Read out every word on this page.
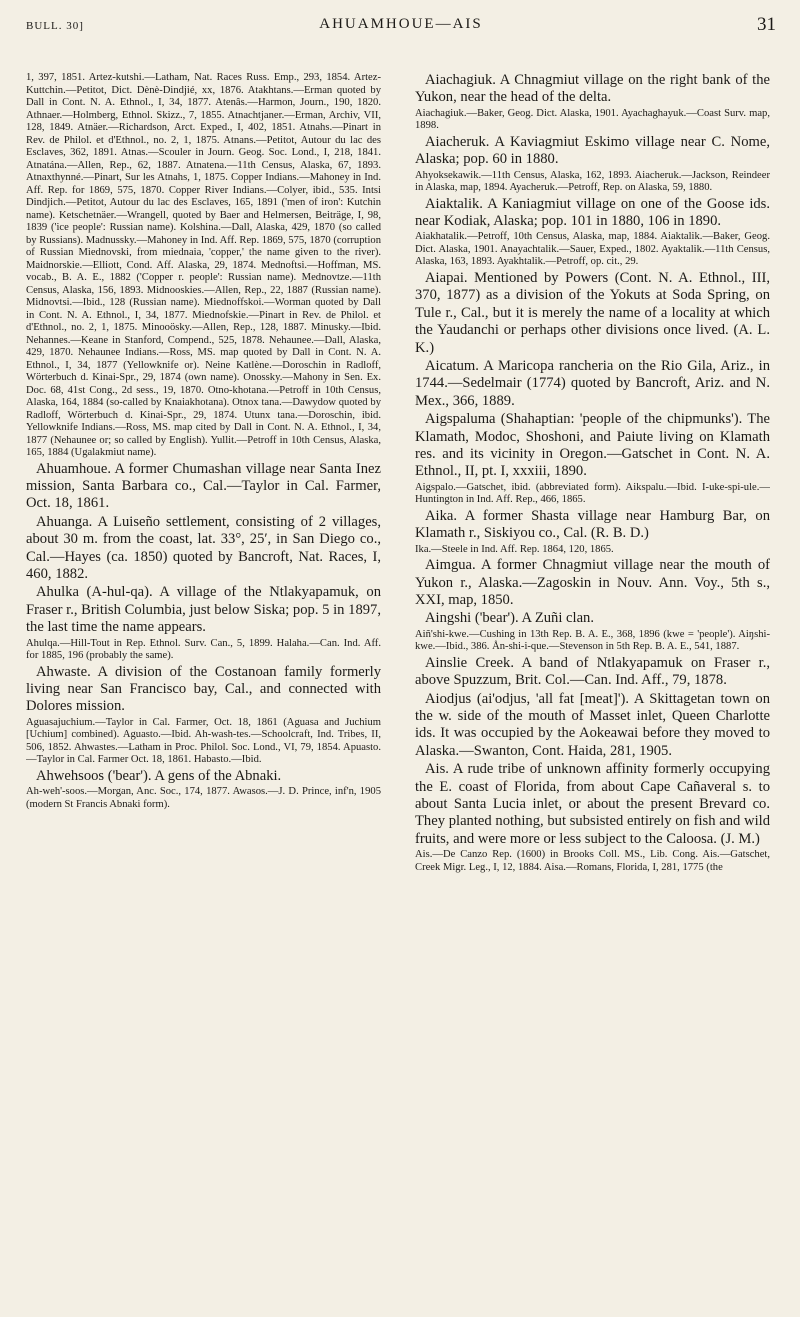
BULL. 30]	AHUAMHOUE—AIS	31

1, 397, 1851. Artez-kutshi.—Latham, Nat. Races Russ. Emp., 293, 1854. Artez-Kuttchin.—Petitot, Dict. Dènè-Dindjié, xx, 1876. Atakhtans.—Erman quoted by Dall in Cont. N. A. Ethnol., I, 34, 1877. Atenâs.—Harmon, Journ., 190, 1820. Athnaer.—Holmberg, Ethnol. Skizz., 7, 1855. Atnachtjaner.—Erman, Archiv, VII, 128, 1849. Atnäer.—Richardson, Arct. Exped., I, 402, 1851. Atnahs.—Pinart in Rev. de Philol. et d'Ethnol., no. 2, 1, 1875. Atnans.—Petitot, Autour du lac des Esclaves, 362, 1891. Atnas.—Scouler in Journ. Geog. Soc. Lond., I, 218, 1841. Atnatána.—Allen, Rep., 62, 1887. Atnatena.—11th Census, Alaska, 67, 1893. Atnaxthynné.—Pinart, Sur les Atnahs, 1, 1875. Copper Indians.—Mahoney in Ind. Aff. Rep. for 1869, 575, 1870. Copper River Indians.—Colyer, ibid., 535. Intsi Dindjich.—Petitot, Autour du lac des Esclaves, 165, 1891 ('men of iron': Kutchin name). Ketschetnäer.—Wrangell, quoted by Baer and Helmersen, Beiträge, I, 98, 1839 ('ice people': Russian name). Kolshina.—Dall, Alaska, 429, 1870 (so called by Russians). Madnussky.—Mahoney in Ind. Aff. Rep. 1869, 575, 1870 (corruption of Russian Miednovski, from miednaia, 'copper,' the name given to the river). Maidnorskie.—Elliott, Cond. Aff. Alaska, 29, 1874. Mednoftsi.—Hoffman, MS. vocab., B. A. E., 1882 ('Copper r. people': Russian name). Mednovtze.—11th Census, Alaska, 156, 1893. Midnooskies.—Allen, Rep., 22, 1887 (Russian name). Midnovtsi.—Ibid., 128 (Russian name). Miednoffskoi.—Worman quoted by Dall in Cont. N. A. Ethnol., I, 34, 1877. Miednofskie.—Pinart in Rev. de Philol. et d'Ethnol., no. 2, 1, 1875. Minooösky.—Allen, Rep., 128, 1887. Minusky.—Ibid. Nehannes.—Keane in Stanford, Compend., 525, 1878. Nehaunee.—Dall, Alaska, 429, 1870. Nehaunee Indians.—Ross, MS. map quoted by Dall in Cont. N. A. Ethnol., I, 34, 1877 (Yellowknife or). Neine Katlène.—Doroschin in Radloff, Wörterbuch d. Kinai-Spr., 29, 1874 (own name). Onossky.—Mahony in Sen. Ex. Doc. 68, 41st Cong., 2d sess., 19, 1870. Otno-khotana.—Petroff in 10th Census, Alaska, 164, 1884 (so-called by Knaiakhotana). Otnox tana.—Dawydow quoted by Radloff, Wörterbuch d. Kinai-Spr., 29, 1874. Utunx tana.—Doroschin, ibid. Yellowknife Indians.—Ross, MS. map cited by Dall in Cont. N. A. Ethnol., I, 34, 1877 (Nehaunee or; so called by English). Yullit.—Petroff in 10th Census, Alaska, 165, 1884 (Ugalakmiut name).

Ahuamhoue. A former Chumashan village near Santa Inez mission, Santa Barbara co., Cal.—Taylor in Cal. Farmer, Oct. 18, 1861.

Ahuanga. A Luiseño settlement, consisting of 2 villages, about 30 m. from the coast, lat. 33°, 25′, in San Diego co., Cal.—Hayes (ca. 1850) quoted by Bancroft, Nat. Races, I, 460, 1882.

Ahulka (A-hul-qa). A village of the Ntlakyapamuk, on Fraser r., British Columbia, just below Siska; pop. 5 in 1897, the last time the name appears.

Ahulqa.—Hill-Tout in Rep. Ethnol. Surv. Can., 5, 1899. Halaha.—Can. Ind. Aff. for 1885, 196 (probably the same).

Ahwaste. A division of the Costanoan family formerly living near San Francisco bay, Cal., and connected with Dolores mission.

Aguasajuchium.—Taylor in Cal. Farmer, Oct. 18, 1861 (Aguasa and Juchium [Uchium] combined). Aguasto.—Ibid. Ah-wash-tes.—Schoolcraft, Ind. Tribes, II, 506, 1852. Ahwastes.—Latham in Proc. Philol. Soc. Lond., VI, 79, 1854. Apuasto.—Taylor in Cal. Farmer Oct. 18, 1861. Habasto.—Ibid.

Ahwehsoos ('bear'). A gens of the Abnaki.

Ah-weh'-soos.—Morgan, Anc. Soc., 174, 1877. Awasos.—J. D. Prince, inf'n, 1905 (modern St Francis Abnaki form).

Aiachagiuk. A Chnagmiut village on the right bank of the Yukon, near the head of the delta.

Aiachagiuk.—Baker, Geog. Dict. Alaska, 1901. Ayachaghayuk.—Coast Surv. map, 1898.

Aiacheruk. A Kaviagmiut Eskimo village near C. Nome, Alaska; pop. 60 in 1880.

Ahyoksekawik.—11th Census, Alaska, 162, 1893. Aiacheruk.—Jackson, Reindeer in Alaska, map, 1894. Ayacheruk.—Petroff, Rep. on Alaska, 59, 1880.

Aiaktalik. A Kaniagmiut village on one of the Goose ids. near Kodiak, Alaska; pop. 101 in 1880, 106 in 1890.

Aiakhatalik.—Petroff, 10th Census, Alaska, map, 1884. Aiaktalik.—Baker, Geog. Dict. Alaska, 1901. Anayachtalik.—Sauer, Exped., 1802. Ayaktalik.—11th Census, Alaska, 163, 1893. Ayakhtalik.—Petroff, op. cit., 29.

Aiapai. Mentioned by Powers (Cont. N. A. Ethnol., III, 370, 1877) as a division of the Yokuts at Soda Spring, on Tule r., Cal., but it is merely the name of a locality at which the Yaudanchi or perhaps other divisions once lived. (A. L. K.)

Aicatum. A Maricopa rancheria on the Rio Gila, Ariz., in 1744.—Sedelmair (1774) quoted by Bancroft, Ariz. and N. Mex., 366, 1889.

Aigspaluma (Shahaptian: 'people of the chipmunks'). The Klamath, Modoc, Shoshoni, and Paiute living on Klamath res. and its vicinity in Oregon.—Gatschet in Cont. N. A. Ethnol., II, pt. I, xxxiii, 1890.

Aigspalo.—Gatschet, ibid. (abbreviated form). Aikspalu.—Ibid. I-uke-spi-ule.—Huntington in Ind. Aff. Rep., 466, 1865.

Aika. A former Shasta village near Hamburg Bar, on Klamath r., Siskiyou co., Cal. (R. B. D.)

Ika.—Steele in Ind. Aff. Rep. 1864, 120, 1865.

Aimgua. A former Chnagmiut village near the mouth of Yukon r., Alaska.—Zagoskin in Nouv. Ann. Voy., 5th s., XXI, map, 1850.

Aingshi ('bear'). A Zuñi clan.

Aiñ'shi-kwe.—Cushing in 13th Rep. B. A. E., 368, 1896 (kwe = 'people'). Aiŋshi-kwe.—Ibid., 386. Ån-shi-i-que.—Stevenson in 5th Rep. B. A. E., 541, 1887.

Ainslie Creek. A band of Ntlakyapamuk on Fraser r., above Spuzzum, Brit. Col.—Can. Ind. Aff., 79, 1878.

Aiodjus (ai'odjus, 'all fat [meat]'). A Skittagetan town on the w. side of the mouth of Masset inlet, Queen Charlotte ids. It was occupied by the Aokeawai before they moved to Alaska.—Swanton, Cont. Haida, 281, 1905.

Ais. A rude tribe of unknown affinity formerly occupying the E. coast of Florida, from about Cape Cañaveral s. to about Santa Lucia inlet, or about the present Brevard co. They planted nothing, but subsisted entirely on fish and wild fruits, and were more or less subject to the Caloosa. (J. M.)

Ais.—De Canzo Rep. (1600) in Brooks Coll. MS., Lib. Cong. Ais.—Gatschet, Creek Migr. Leg., I, 12, 1884. Aisa.—Romans, Florida, I, 281, 1775 (the
